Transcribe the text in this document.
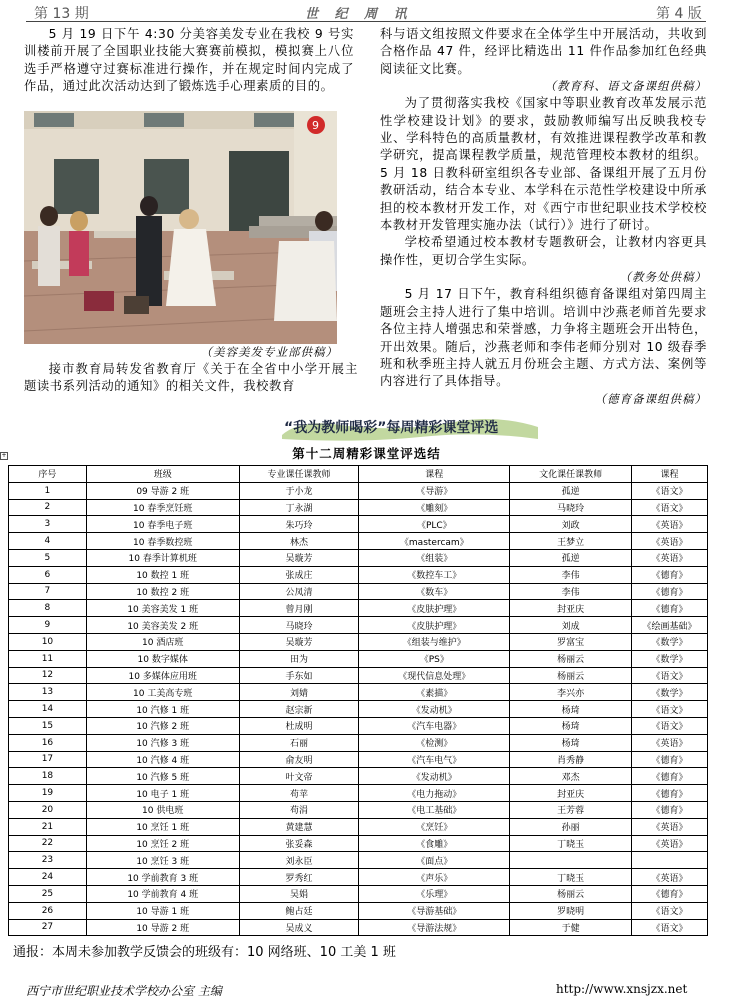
第 13 期	世 纪 周 讯	第 4 版

5 月 19 日下午 4:30 分美容美发专业在我校 9 号实训楼前开展了全国职业技能大赛赛前模拟，模拟赛上八位选手严格遵守过赛标准进行操作，并在规定时间内完成了作品，通过此次活动达到了锻炼选手心理素质的目的。

9
（美容美发专业部供稿）

接市教育局转发省教育厅《关于在全省中小学开展主题读书系列活动的通知》的相关文件，我校教育

科与语文组按照文件要求在全体学生中开展活动，共收到合格作品 47 件，经评比精选出 11 件作品参加红色经典阅读征文比赛。

（教育科、语文备课组供稿）

为了贯彻落实我校《国家中等职业教育改革发展示范性学校建设计划》的要求，鼓励教师编写出反映我校专业、学科特色的高质量教材，有效推进课程教学改革和教学研究，提高课程教学质量，规范管理校本教材的组织。5 月 18 日教科研室组织各专业部、备课组开展了五月份教研活动，结合本专业、本学科在示范性学校建设中所承担的校本教材开发工作，对《西宁市世纪职业技术学校校本教材开发管理实施办法（试行）》进行了研讨。

学校希望通过校本教材专题教研会，让教材内容更具操作性，更切合学生实际。

（教务处供稿）

5 月 17 日下午，教育科组织德育备课组对第四周主题班会主持人进行了集中培训。培训中沙燕老师首先要求各位主持人增强忠和荣誉感，力争将主题班会开出特色，开出效果。随后，沙燕老师和李伟老师分别对 10 级春季班和秋季班主持人就五月份班会主题、方式方法、案例等内容进行了具体指导。

（德育备课组供稿）
“我为教师喝彩”每周精彩课堂评选
+	第十二周精彩课堂评选结
序号	班级	专业课任课教师	课程	文化课任课教师	课程
1	09 导游 2 班	于小龙	《导游》	孤逆	《语文》
2	10 春季烹饪班	丁永湖	《雕刻》	马晓玲	《语文》
3	10 春季电子班	朱巧玲	《PLC》	刘政	《英语》
4	10 春季数控班	林杰	《mastercam》	王梦立	《英语》
5	10 春季计算机班	吴璇芳	《组装》	孤逆	《英语》
6	10 数控 1 班	张成庄	《数控车工》	李伟	《德育》
7	10 数控 2 班	公凤清	《数车》	李伟	《德育》
8	10 美容美发 1 班	曾月刚	《皮肤护理》	封亚庆	《德育》
9	10 美容美发 2 班	马晓玲	《皮肤护理》	刘成	《绘画基础》
10	10 酒店班	吴璇芳	《组装与维护》	罗富宝	《数学》
11	10 数字媒体	田为	《PS》	杨丽云	《数学》
12	10 多媒体应用班	手东如	《现代信息处理》	杨丽云	《语文》
13	10 工美高专班	刘婧	《素描》	李兴亦	《数学》
14	10 汽修 1 班	赵宗新	《发动机》	杨琦	《语文》
15	10 汽修 2 班	杜成明	《汽车电器》	杨琦	《语文》
16	10 汽修 3 班	石丽	《检测》	杨琦	《英语》
17	10 汽修 4 班	俞友明	《汽车电气》	肖秀静	《德育》
18	10 汽修 5 班	叶文帝	《发动机》	邓杰	《德育》
19	10 电子 1 班	苟苹	《电力拖动》	封亚庆	《德育》
20	10 供电班	苟涓	《电工基础》	王芳蓉	《德育》
21	10 烹饪 1 班	黄建慧	《烹饪》	孙丽	《英语》
22	10 烹饪 2 班	张妥森	《食雕》	丁晓玉	《英语》
23	10 烹饪 3 班	刘永臣	《面点》		
24	10 学前教育 3 班	罗秀红	《声乐》	丁晓玉	《英语》
25	10 学前教育 4 班	吴娟	《乐理》	杨丽云	《德育》
26	10 导游 1 班	鲍占廷	《导游基础》	罗晓明	《语文》
27	10 导游 2 班	吴成义	《导游法规》	于健	《语文》
通报：本周未参加教学反馈会的班级有：10 网络班、10 工美 1 班
西宁市世纪职业技术学校办公室 主编	http://www.xnsjzx.net
